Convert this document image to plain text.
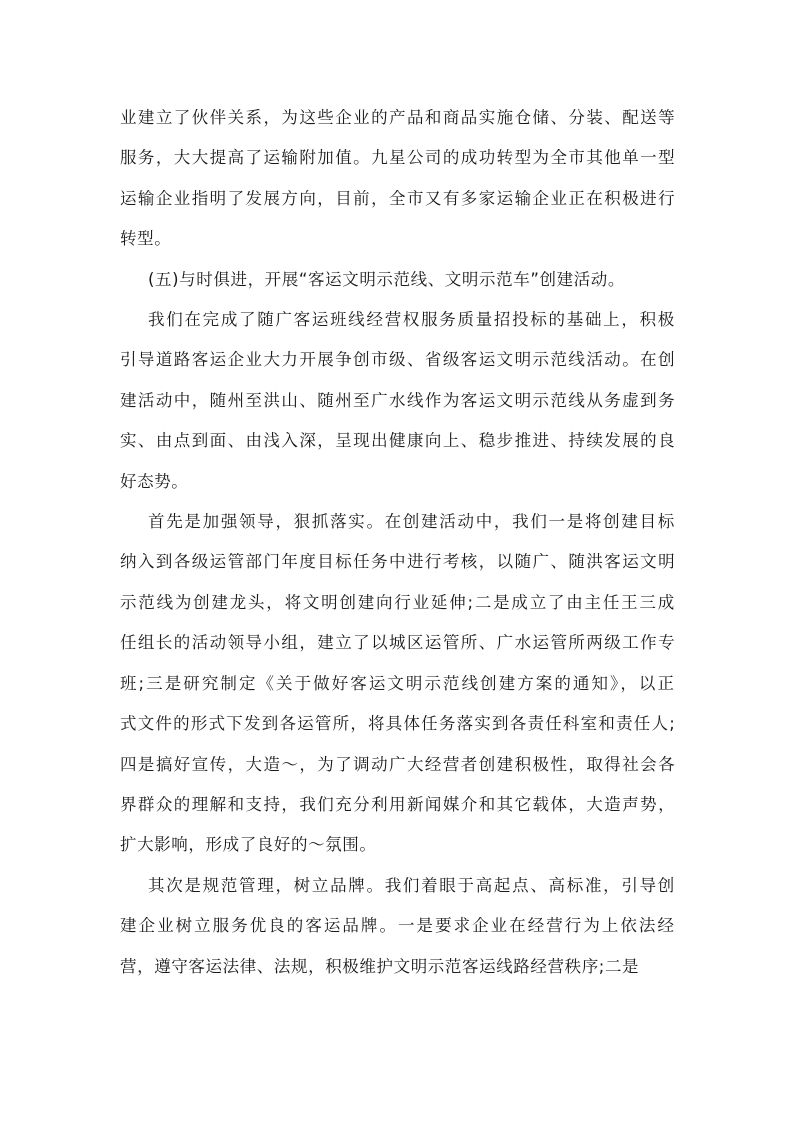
业建立了伙伴关系，为这些企业的产品和商品实施仓储、分装、配送等
服务，大大提高了运输附加值。九星公司的成功转型为全市其他单一型
运输企业指明了发展方向，目前，全市又有多家运输企业正在积极进行
转型。
(五)与时俱进，开展“客运文明示范线、文明示范车”创建活动。
我们在完成了随广客运班线经营权服务质量招投标的基础上，积极
引导道路客运企业大力开展争创市级、省级客运文明示范线活动。在创
建活动中，随州至洪山、随州至广水线作为客运文明示范线从务虚到务
实、由点到面、由浅入深，呈现出健康向上、稳步推进、持续发展的良
好态势。
首先是加强领导，狠抓落实。在创建活动中，我们一是将创建目标
纳入到各级运管部门年度目标任务中进行考核，以随广、随洪客运文明
示范线为创建龙头，将文明创建向行业延伸;二是成立了由主任王三成
任组长的活动领导小组，建立了以城区运管所、广水运管所两级工作专
班;三是研究制定《关于做好客运文明示范线创建方案的通知》，以正
式文件的形式下发到各运管所，将具体任务落实到各责任科室和责任人;
四是搞好宣传，大造～，为了调动广大经营者创建积极性，取得社会各
界群众的理解和支持，我们充分利用新闻媒介和其它载体，大造声势，
扩大影响，形成了良好的～氛围。
其次是规范管理，树立品牌。我们着眼于高起点、高标准，引导创
建企业树立服务优良的客运品牌。一是要求企业在经营行为上依法经
营，遵守客运法律、法规，积极维护文明示范客运线路经营秩序;二是
